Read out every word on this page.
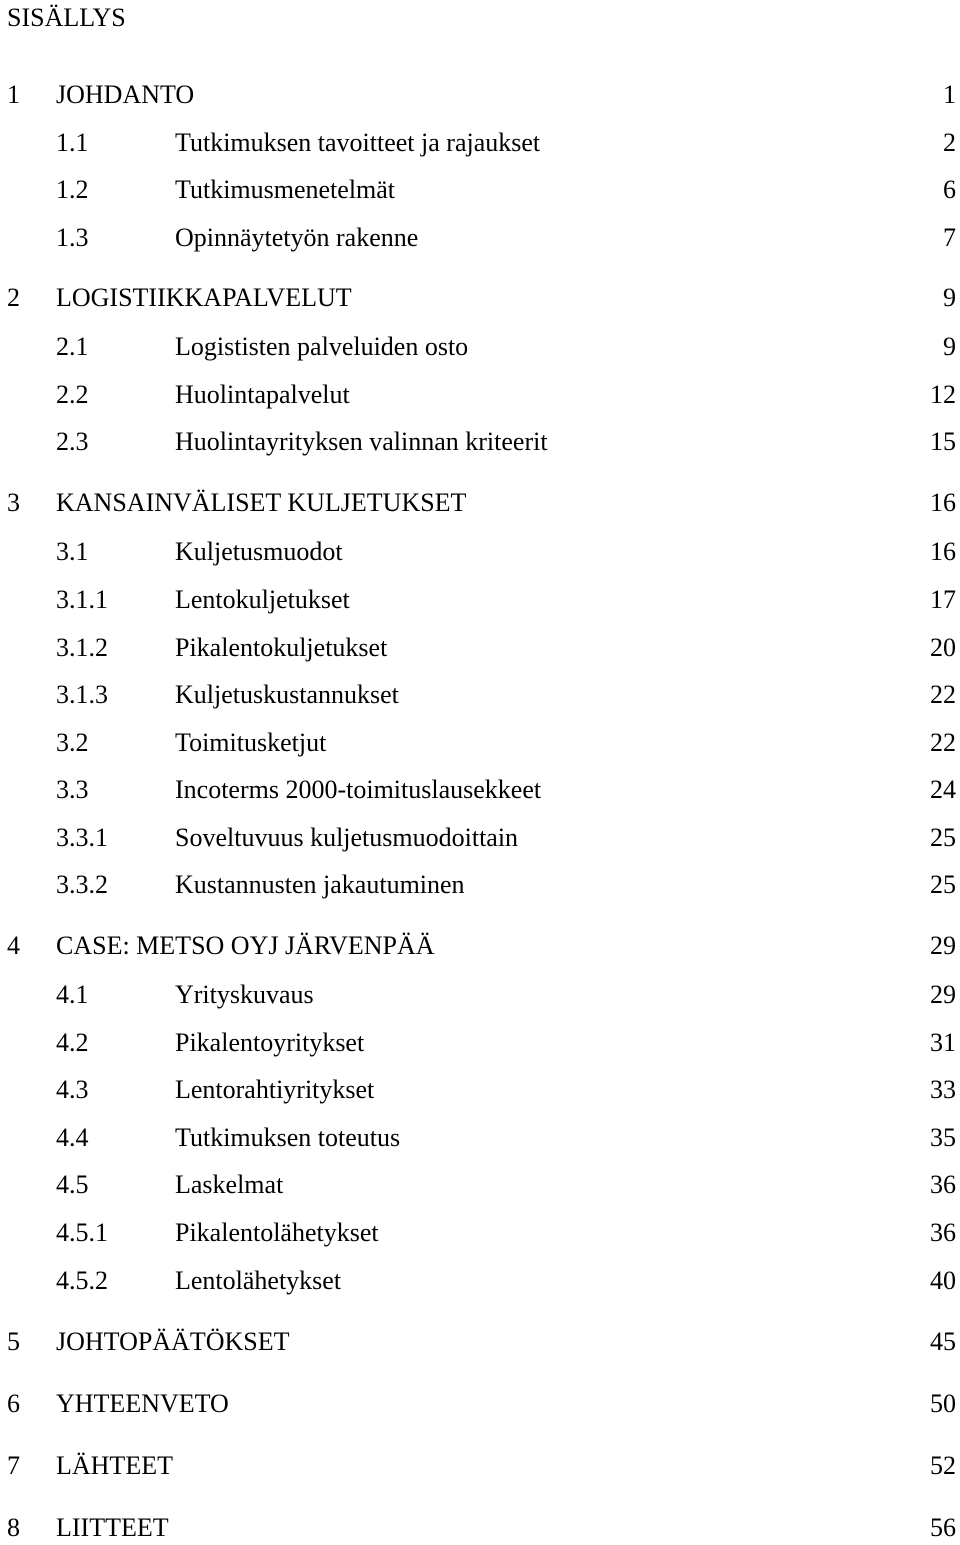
SISÄLLYS
1 JOHDANTO	1
1.1	Tutkimuksen tavoitteet ja rajaukset	2
1.2	Tutkimusmenetelmät	6
1.3	Opinnäytetyön rakenne	7
2 LOGISTIIKKAPALVELUT	9
2.1	Logististen palveluiden osto	9
2.2	Huolintapalvelut	12
2.3	Huolintayrityksen valinnan kriteerit	15
3 KANSAINVÄLISET KULJETUKSET	16
3.1	Kuljetusmuodot	16
3.1.1	Lentokuljetukset	17
3.1.2	Pikalentokuljetukset	20
3.1.3	Kuljetuskustannukset	22
3.2	Toimitusketjut	22
3.3	Incoterms 2000-toimituslausekkeet	24
3.3.1	Soveltuvuus kuljetusmuodoittain	25
3.3.2	Kustannusten jakautuminen	25
4 CASE: METSO OYJ JÄRVENPÄÄ	29
4.1	Yrityskuvaus	29
4.2	Pikalentoyritykset	31
4.3	Lentorahtiyritykset	33
4.4	Tutkimuksen toteutus	35
4.5	Laskelmat	36
4.5.1	Pikalentolähetykset	36
4.5.2	Lentolähetykset	40
5 JOHTOPÄÄTÖKSET	45
6 YHTEENVETO	50
7 LÄHTEET	52
8 LIITTEET	56
